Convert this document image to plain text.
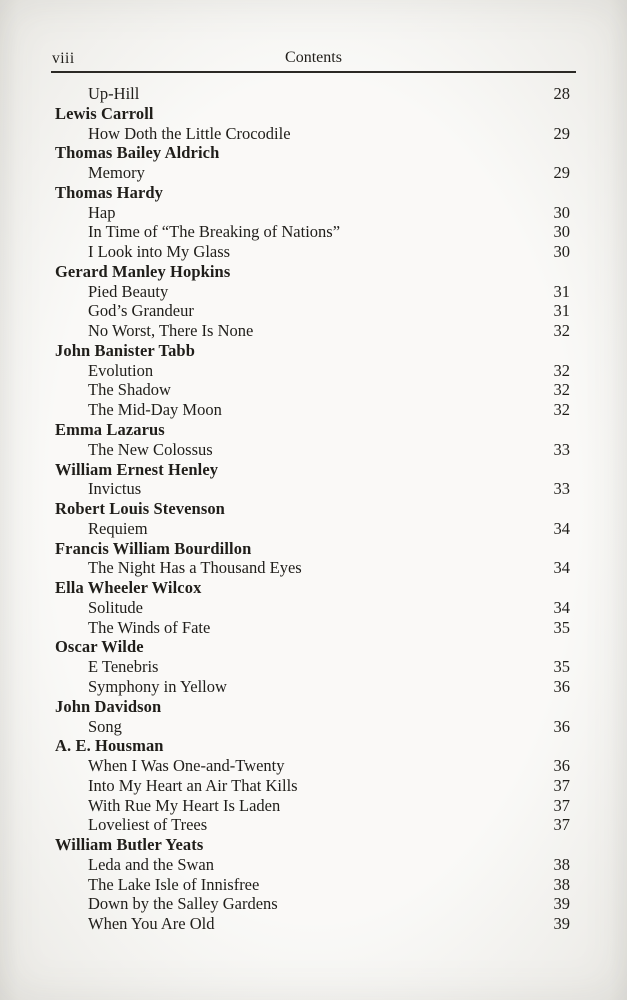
viii	Contents
Up-Hill	28
Lewis Carroll
How Doth the Little Crocodile	29
Thomas Bailey Aldrich
Memory	29
Thomas Hardy
Hap	30
In Time of “The Breaking of Nations”	30
I Look into My Glass	30
Gerard Manley Hopkins
Pied Beauty	31
God’s Grandeur	31
No Worst, There Is None	32
John Banister Tabb
Evolution	32
The Shadow	32
The Mid-Day Moon	32
Emma Lazarus
The New Colossus	33
William Ernest Henley
Invictus	33
Robert Louis Stevenson
Requiem	34
Francis William Bourdillon
The Night Has a Thousand Eyes	34
Ella Wheeler Wilcox
Solitude	34
The Winds of Fate	35
Oscar Wilde
E Tenebris	35
Symphony in Yellow	36
John Davidson
Song	36
A. E. Housman
When I Was One-and-Twenty	36
Into My Heart an Air That Kills	37
With Rue My Heart Is Laden	37
Loveliest of Trees	37
William Butler Yeats
Leda and the Swan	38
The Lake Isle of Innisfree	38
Down by the Salley Gardens	39
When You Are Old	39
